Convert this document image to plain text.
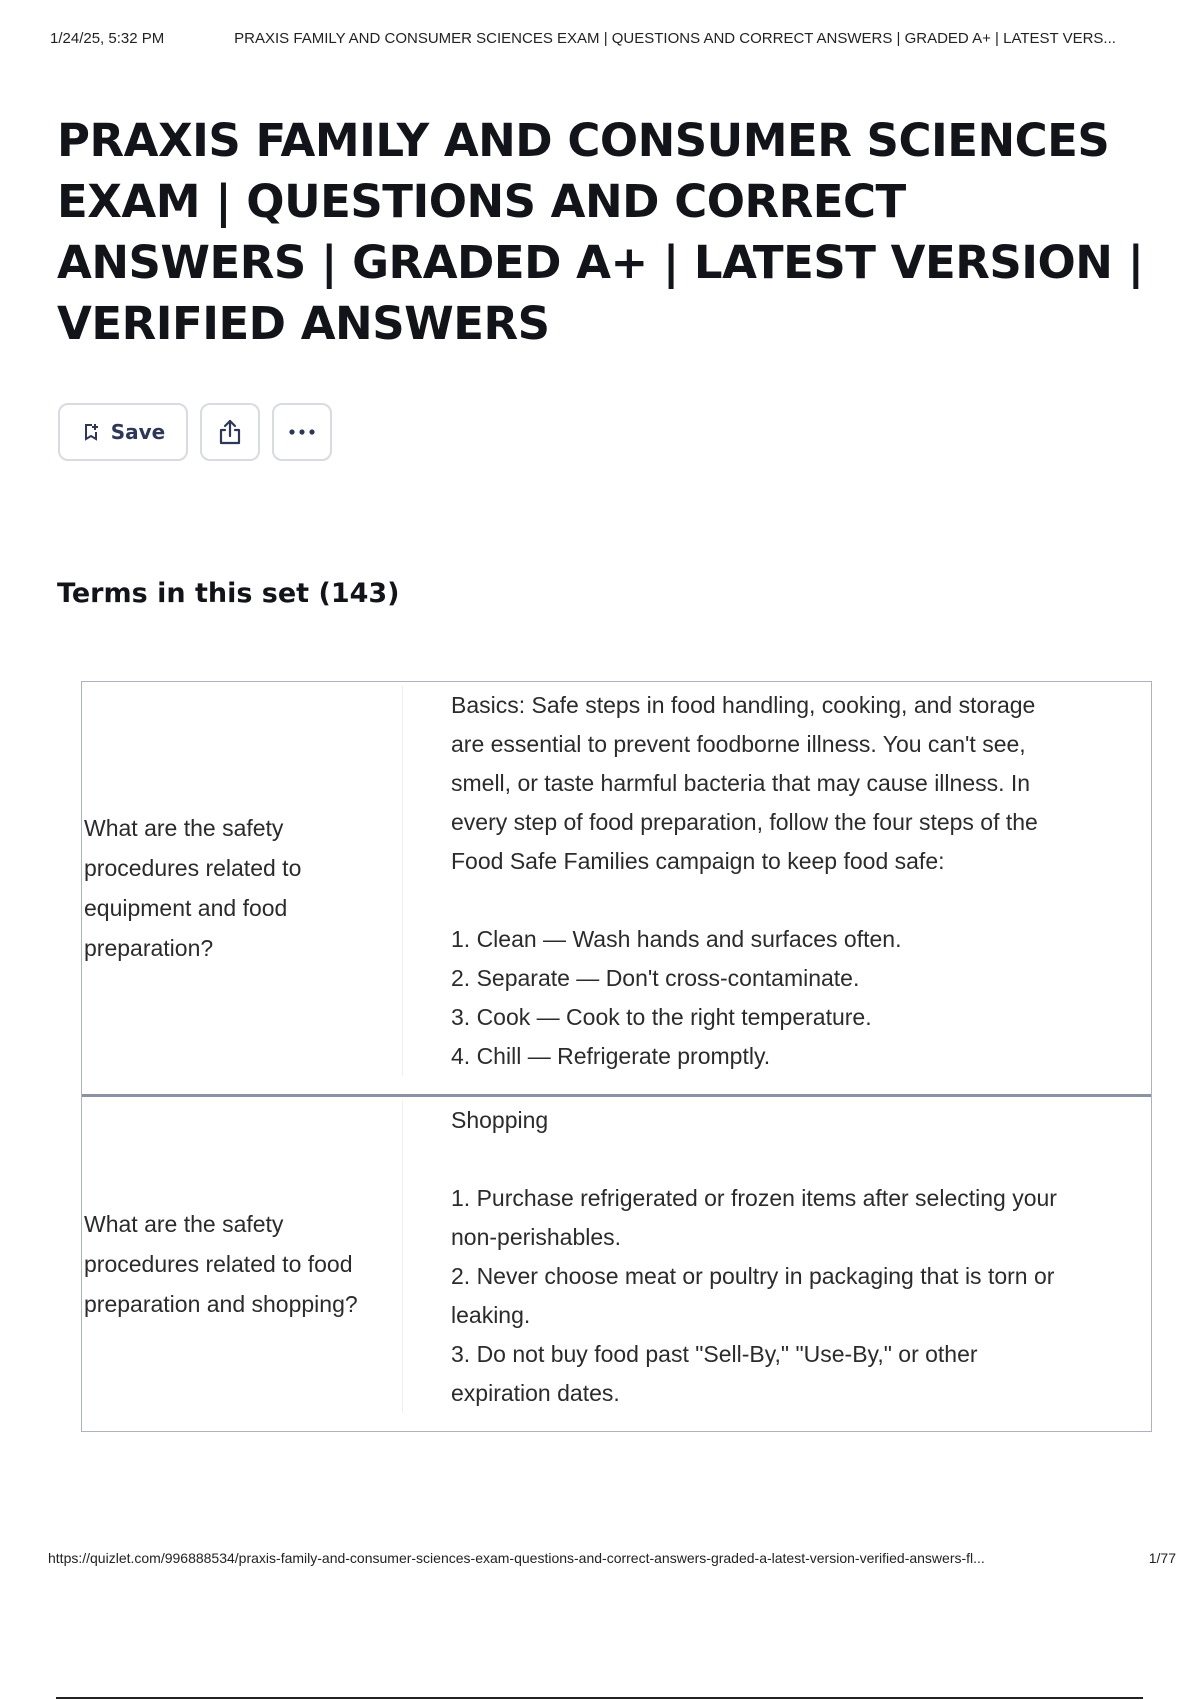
1/24/25, 5:32 PM	PRAXIS FAMILY AND CONSUMER SCIENCES EXAM | QUESTIONS AND CORRECT ANSWERS | GRADED A+ | LATEST VERS...
PRAXIS FAMILY AND CONSUMER SCIENCES EXAM | QUESTIONS AND CORRECT ANSWERS | GRADED A+ | LATEST VERSION | VERIFIED ANSWERS
Save
Terms in this set (143)
What are the safety procedures related to equipment and food preparation?

Basics: Safe steps in food handling, cooking, and storage are essential to prevent foodborne illness. You can't see, smell, or taste harmful bacteria that may cause illness. In every step of food preparation, follow the four steps of the Food Safe Families campaign to keep food safe:

1. Clean — Wash hands and surfaces often.

2. Separate — Don't cross-contaminate.

3. Cook — Cook to the right temperature.

4. Chill — Refrigerate promptly.

What are the safety procedures related to food preparation and shopping?

Shopping

1. Purchase refrigerated or frozen items after selecting your non-perishables.

2. Never choose meat or poultry in packaging that is torn or leaking.

3. Do not buy food past "Sell-By," "Use-By," or other expiration dates.

https://quizlet.com/996888534/praxis-family-and-consumer-sciences-exam-questions-and-correct-answers-graded-a-latest-version-verified-answers-fl...	1/77
